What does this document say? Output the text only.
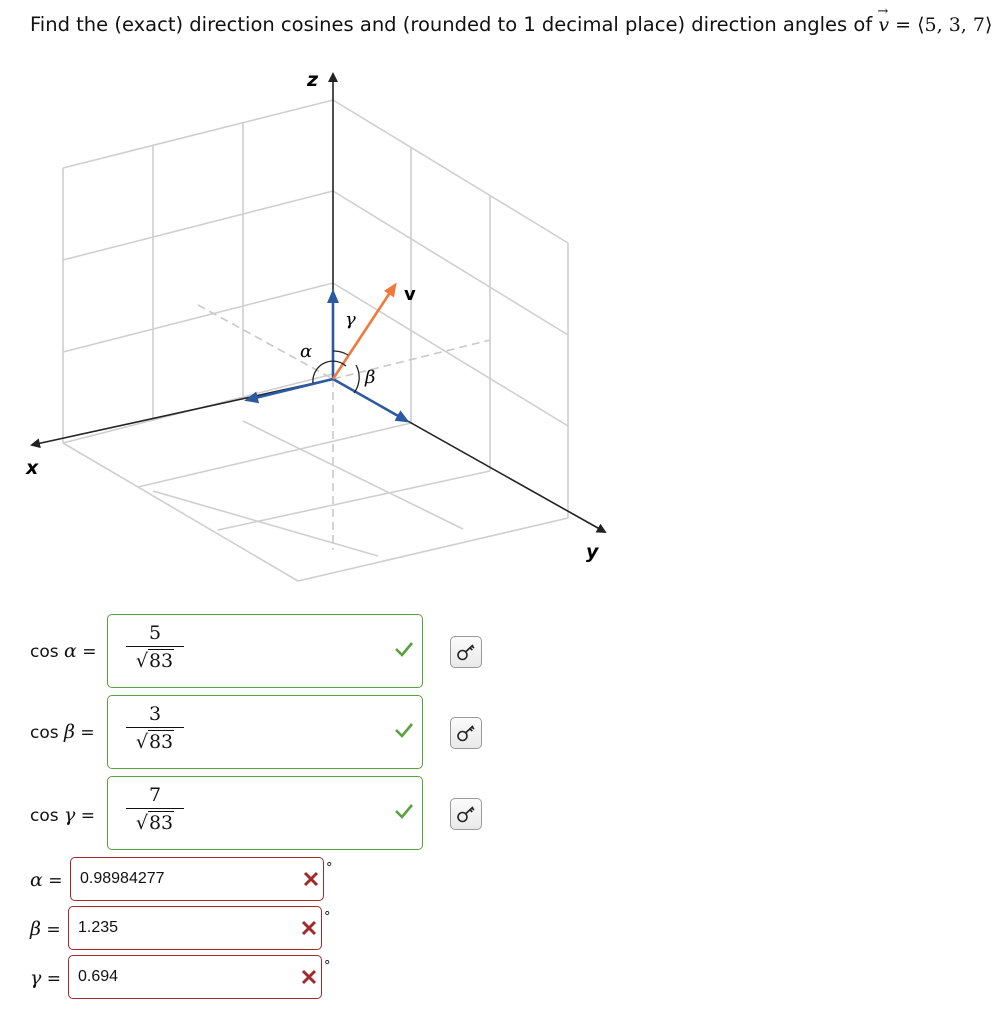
Find the (exact) direction cosines and (rounded to 1 decimal place) direction angles of → v = ⟨5, 3, 7⟩
x
y
z
v
α
β
γ
cos α =
5
√83
cos β =
3
√83
cos γ =
7
√83
α = 0.98984277
°
β = 1.235
°
γ = 0.694
°
